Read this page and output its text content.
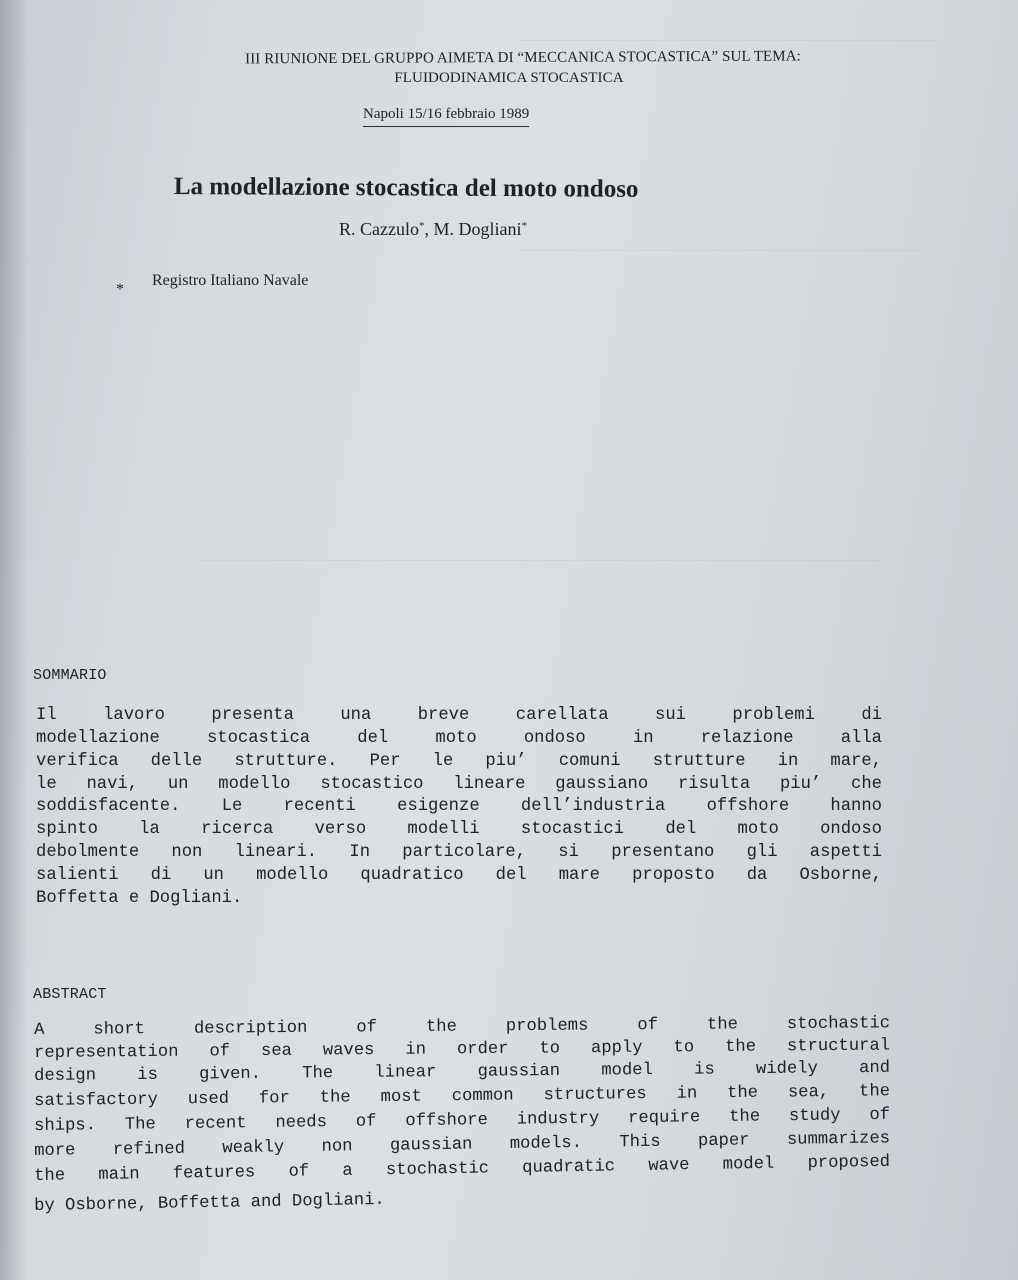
III RIUNIONE DEL GRUPPO AIMETA DI “MECCANICA STOCASTICA” SUL TEMA:
FLUIDODINAMICA STOCASTICA
Napoli 15/16 febbraio 1989
La modellazione stocastica del moto ondoso
R. Cazzulo*, M. Dogliani*
*
Registro Italiano Navale
SOMMARIO
Il lavoro presenta una breve carellata sui problemi di
modellazione stocastica del moto ondoso in relazione alla
verifica delle strutture. Per le piu’ comuni strutture in mare,
le navi, un modello stocastico lineare gaussiano risulta piu’ che
soddisfacente. Le recenti esigenze dell’industria offshore hanno
spinto la ricerca verso modelli stocastici del moto ondoso
debolmente non lineari. In particolare, si presentano gli aspetti
salienti di un modello quadratico del mare proposto da Osborne,
Boffetta e Dogliani.
ABSTRACT
A short description of the problems of the stochastic
representation of sea waves in order to apply to the structural
design is given. The linear gaussian model is widely and
satisfactory used for the most common structures in the sea, the
ships. The recent needs of offshore industry require the study of
more refined weakly non gaussian models. This paper summarizes
the main features of a stochastic quadratic wave model proposed
by Osborne, Boffetta and Dogliani.
